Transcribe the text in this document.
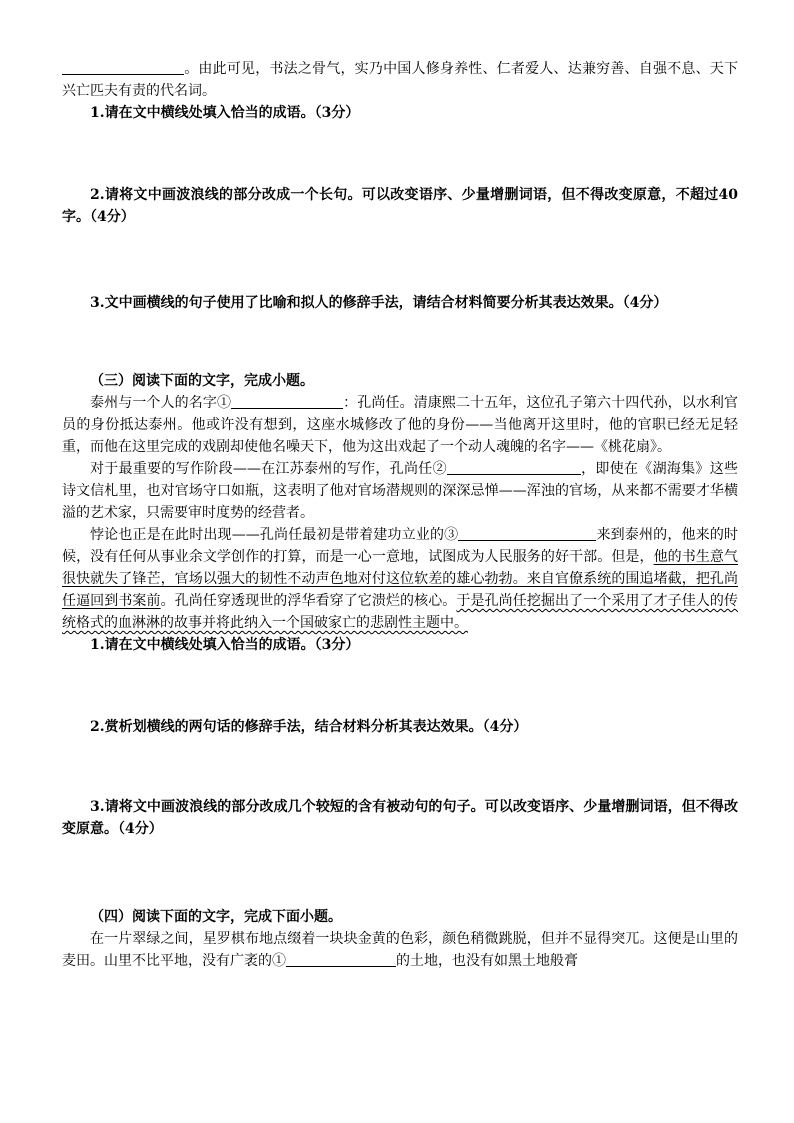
。由此可见，书法之骨气，实乃中国人修身养性、仁者爱人、达兼穷善、自强不息、天下兴亡匹夫有责的代名词。

1.请在文中横线处填入恰当的成语。（3分）

2.请将文中画波浪线的部分改成一个长句。可以改变语序、少量增删词语，但不得改变原意，不超过40字。（4分）

3.文中画横线的句子使用了比喻和拟人的修辞手法，请结合材料简要分析其表达效果。（4分）

（三）阅读下面的文字，完成小题。

泰州与一个人的名字①	：孔尚任。清康熙二十五年，这位孔子第六十四代孙，以水利官员的身份抵达泰州。他或许没有想到，这座水城修改了他的身份——当他离开这里时，他的官职已经无足轻重，而他在这里完成的戏剧却使他名噪天下，他为这出戏起了一个动人魂魄的名字——《桃花扇》。

对于最重要的写作阶段——在江苏泰州的写作，孔尚任②	，即使在《湖海集》这些诗文信札里，也对官场守口如瓶，这表明了他对官场潜规则的深深忌惮——浑浊的官场，从来都不需要才华横溢的艺术家，只需要审时度势的经营者。

悖论也正是在此时出现——孔尚任最初是带着建功立业的③	来到泰州的，他来的时候，没有任何从事业余文学创作的打算，而是一心一意地，试图成为人民服务的好干部。但是，他的书生意气很快就失了锋芒，官场以强大的韧性不动声色地对付这位软差的雄心勃勃。来自官僚系统的围追堵截，把孔尚任逼回到书案前。孔尚任穿透现世的浮华看穿了它溃烂的核心。于是孔尚任挖掘出了一个采用了才子佳人的传统格式的血淋淋的故事并将此纳入一个国破家亡的悲剧性主题中。

1.请在文中横线处填入恰当的成语。（3分）

2.赏析划横线的两句话的修辞手法，结合材料分析其表达效果。（4分）

3.请将文中画波浪线的部分改成几个较短的含有被动句的句子。可以改变语序、少量增删词语，但不得改变原意。（4分）

（四）阅读下面的文字，完成下面小题。

在一片翠绿之间，星罗棋布地点缀着一块块金黄的色彩，颜色稍微跳脱，但并不显得突兀。这便是山里的麦田。山里不比平地，没有广袤的①	的土地，也没有如黑土地般膏
